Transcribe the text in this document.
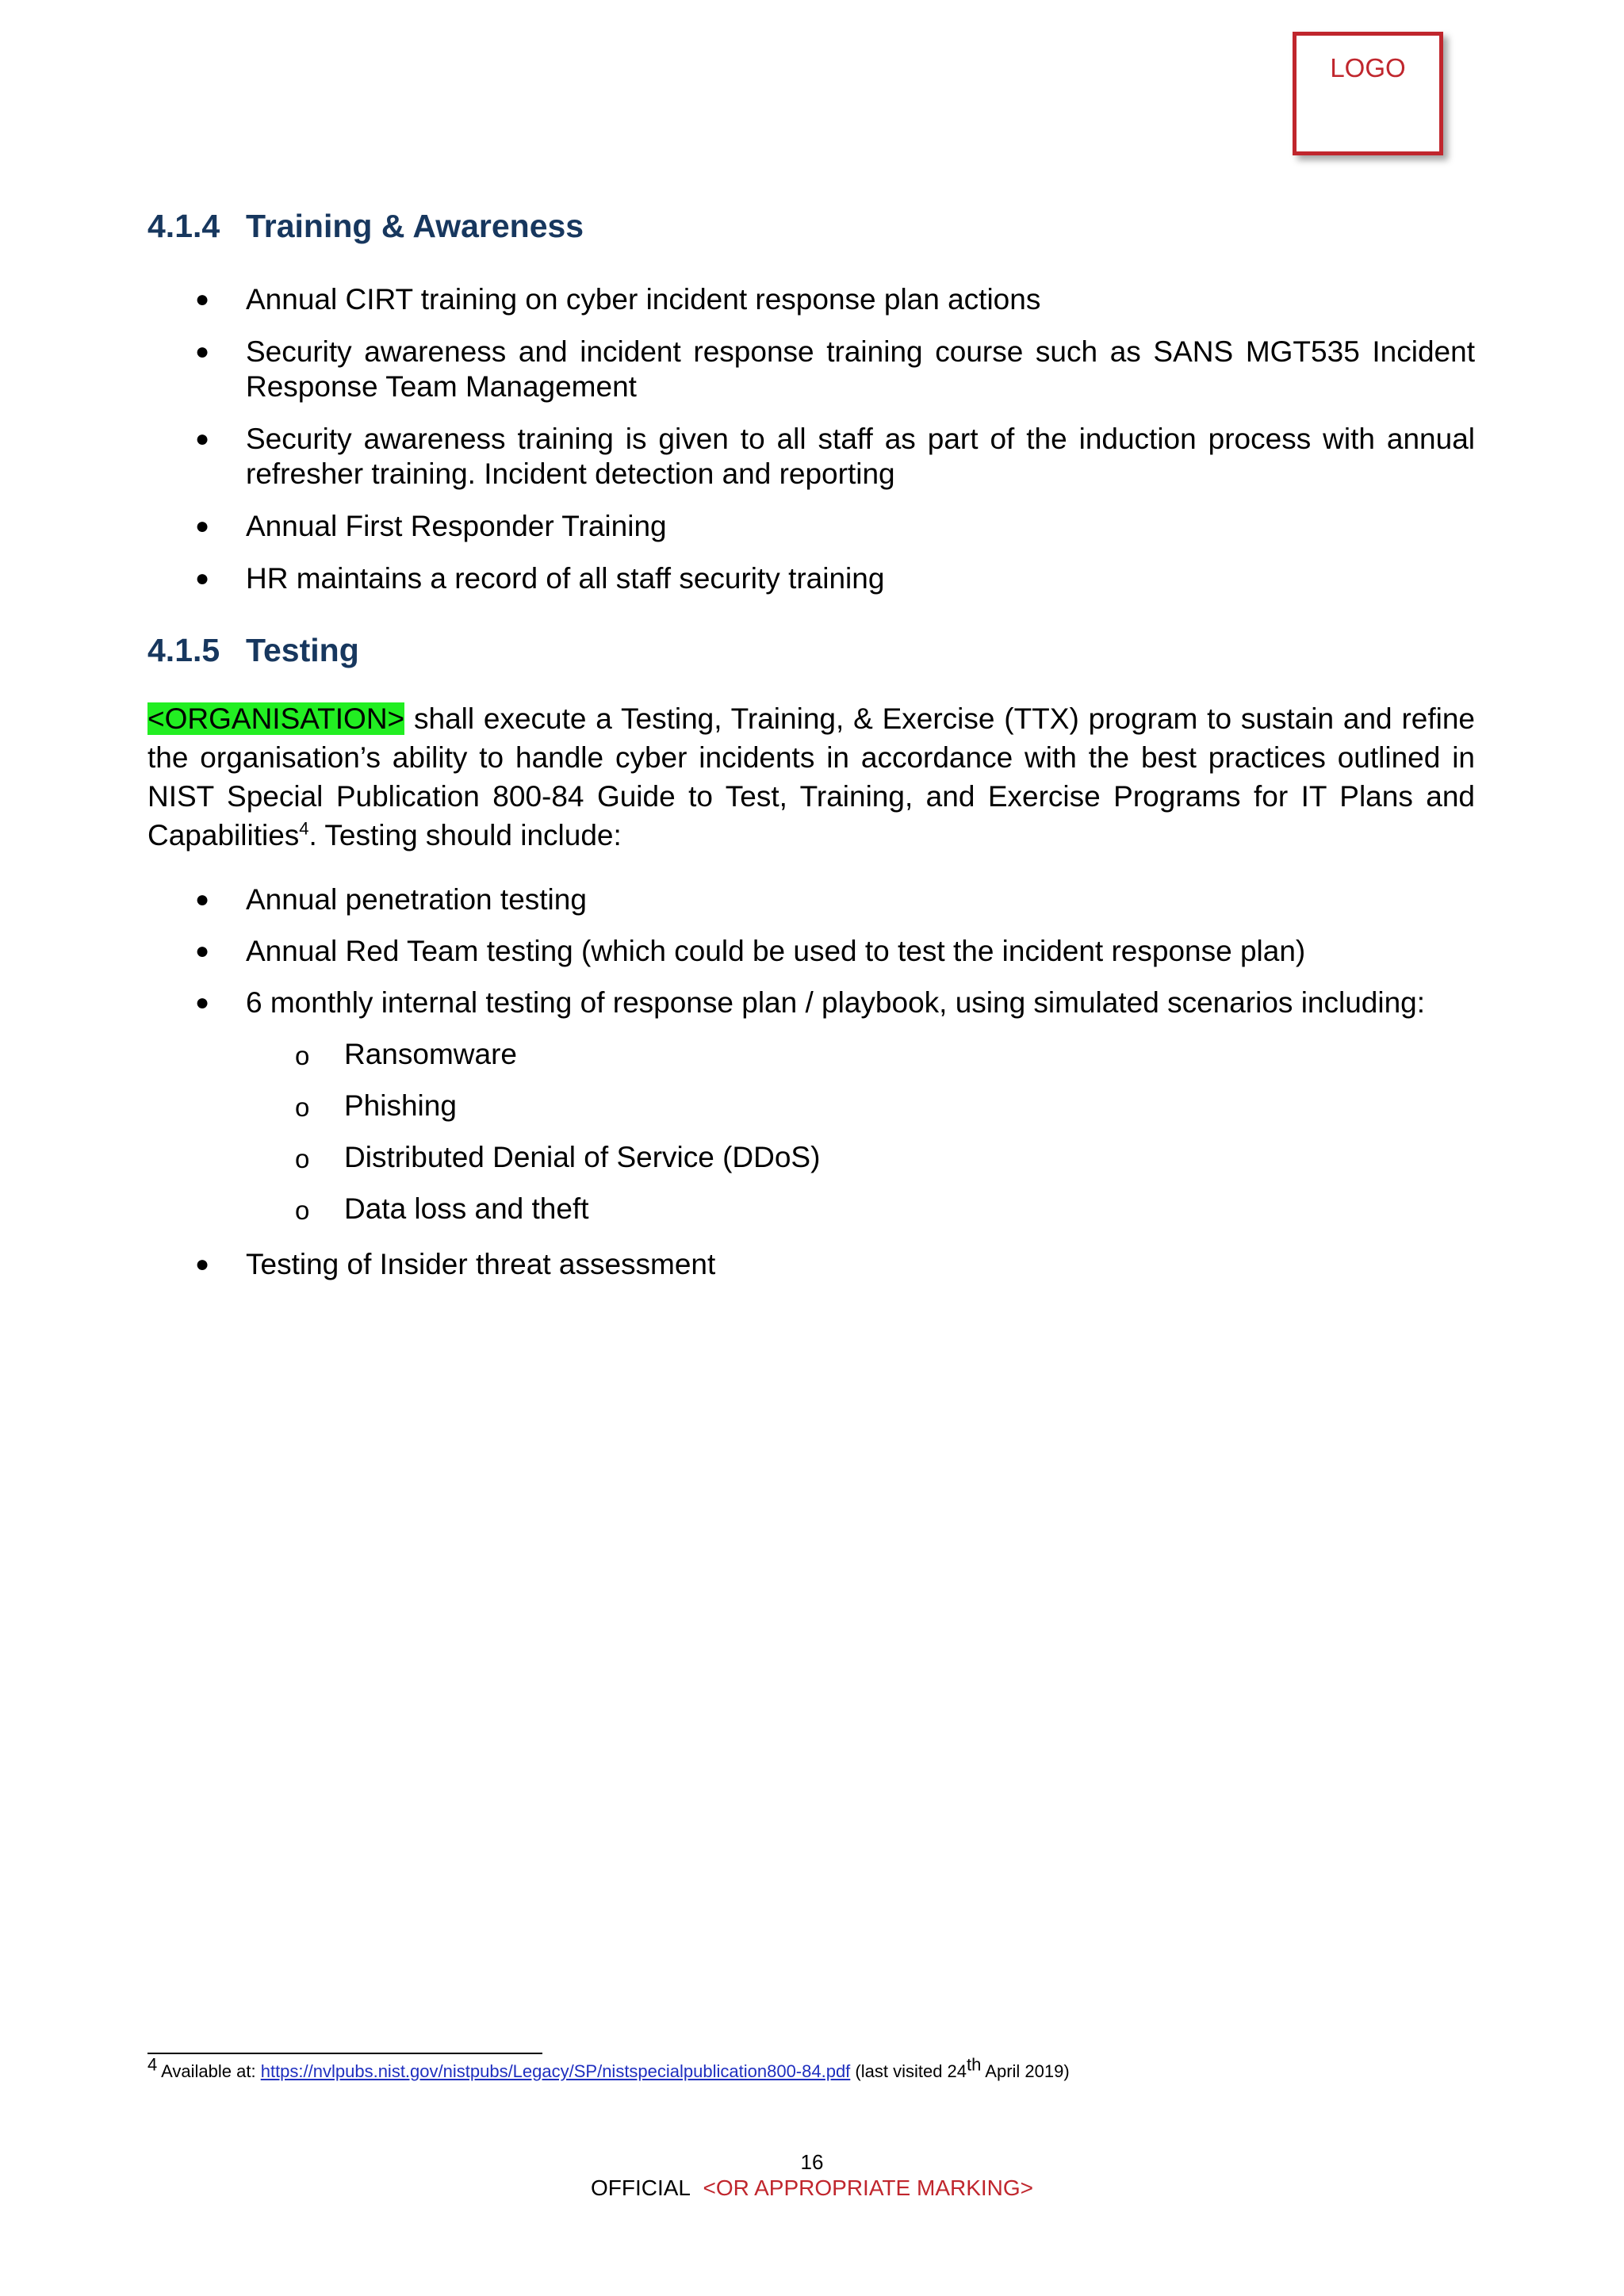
LOGO
4.1.4 Training & Awareness
● Annual CIRT training on cyber incident response plan actions
● Security awareness and incident response training course such as SANS MGT535 Incident Response Team Management
● Security awareness training is given to all staff as part of the induction process with annual refresher training. Incident detection and reporting
● Annual First Responder Training
● HR maintains a record of all staff security training
4.1.5 Testing

<ORGANISATION> shall execute a Testing, Training, & Exercise (TTX) program to sustain and refine the organisation’s ability to handle cyber incidents in accordance with the best practices outlined in NIST Special Publication 800-84 Guide to Test, Training, and Exercise Programs for IT Plans and Capabilities$^4$. Testing should include:

● Annual penetration testing
● Annual Red Team testing (which could be used to test the incident response plan)
● 6 monthly internal testing of response plan / playbook, using simulated scenarios including:
o Ransomware
o Phishing
o Distributed Denial of Service (DDoS)
o Data loss and theft
● Testing of Insider threat assessment
$^4$ Available at: https://nvlpubs.nist.gov/nistpubs/Legacy/SP/nistspecialpublication800-84.pdf (last visited 24th April 2019)
16
OFFICIAL <OR APPROPRIATE MARKING>
